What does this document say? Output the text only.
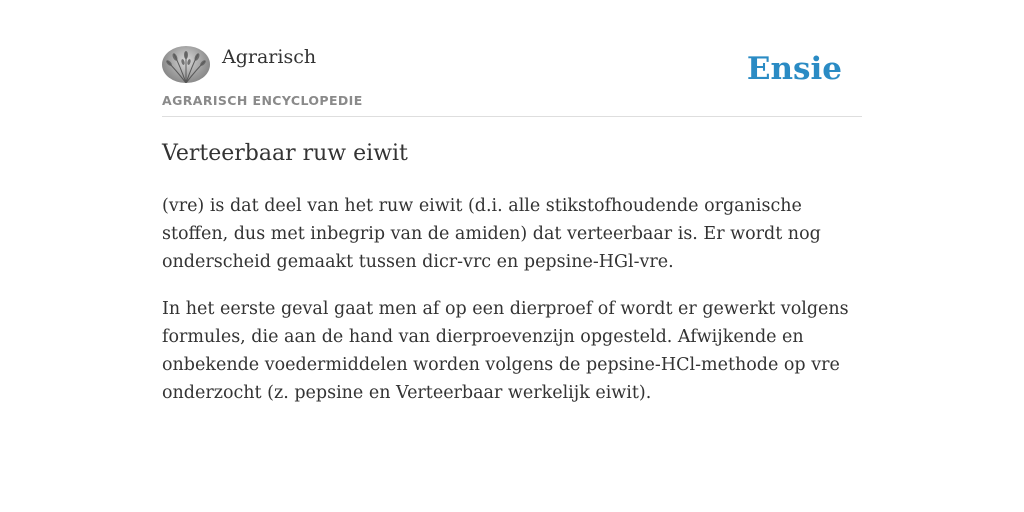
Agrarisch
AGRARISCH ENCYCLOPEDIE
Ensie
Verteerbaar ruw eiwit

(vre) is dat deel van het ruw eiwit (d.i. alle stikstofhoudende organische stoffen, dus met inbegrip van de amiden) dat verteerbaar is. Er wordt nog onderscheid gemaakt tussen dicr-vrc en pepsine-HGl-vre.

In het eerste geval gaat men af op een dierproef of wordt er gewerkt volgens formules, die aan de hand van dierproevenzijn opgesteld. Afwijkende en onbekende voedermiddelen worden volgens de pepsine-HCl-methode op vre onderzocht (z. pepsine en Verteerbaar werkelijk eiwit).
